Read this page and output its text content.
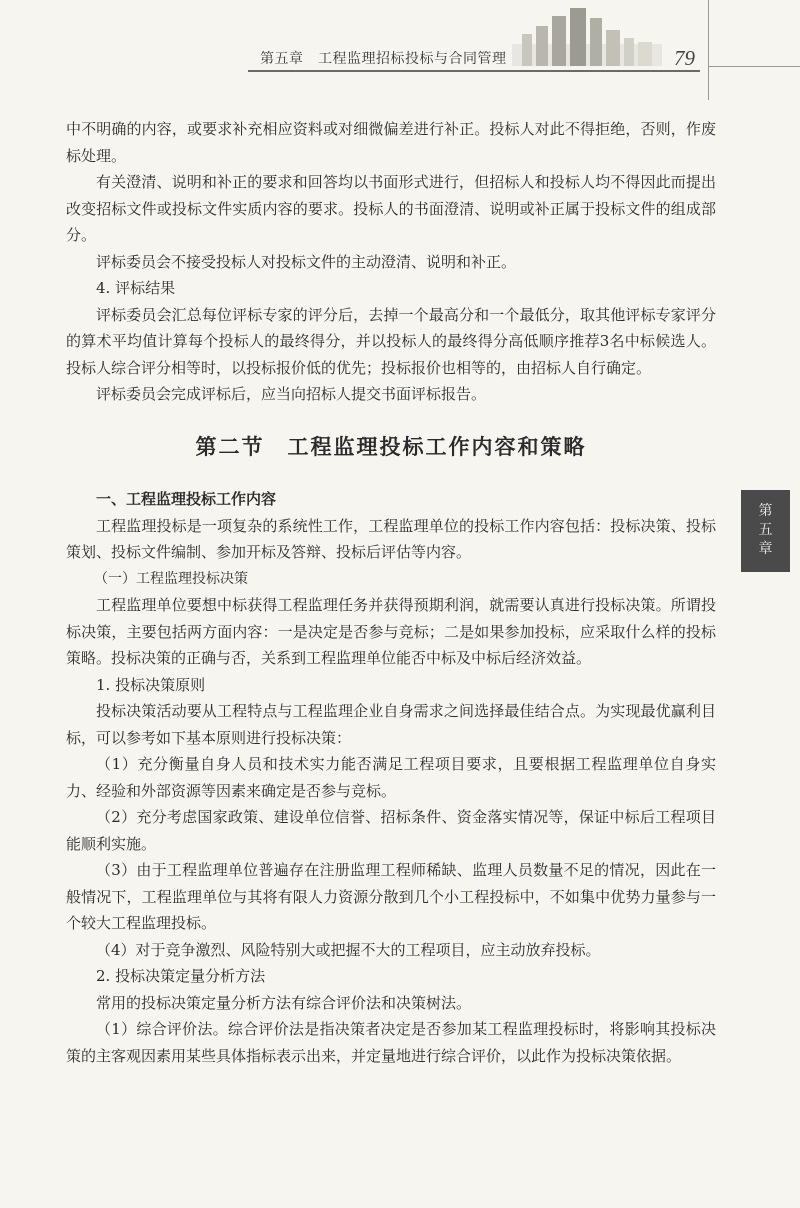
第五章　工程监理招标投标与合同管理	79
第
五
章

中不明确的内容，或要求补充相应资料或对细微偏差进行补正。投标人对此不得拒绝，否则，作废标处理。

有关澄清、说明和补正的要求和回答均以书面形式进行，但招标人和投标人均不得因此而提出改变招标文件或投标文件实质内容的要求。投标人的书面澄清、说明或补正属于投标文件的组成部分。

评标委员会不接受投标人对投标文件的主动澄清、说明和补正。

4. 评标结果

评标委员会汇总每位评标专家的评分后，去掉一个最高分和一个最低分，取其他评标专家评分的算术平均值计算每个投标人的最终得分，并以投标人的最终得分高低顺序推荐3名中标候选人。投标人综合评分相等时，以投标报价低的优先；投标报价也相等的，由招标人自行确定。

评标委员会完成评标后，应当向招标人提交书面评标报告。

第二节　工程监理投标工作内容和策略

一、工程监理投标工作内容

工程监理投标是一项复杂的系统性工作，工程监理单位的投标工作内容包括：投标决策、投标策划、投标文件编制、参加开标及答辩、投标后评估等内容。

（一）工程监理投标决策

工程监理单位要想中标获得工程监理任务并获得预期利润，就需要认真进行投标决策。所谓投标决策，主要包括两方面内容：一是决定是否参与竞标；二是如果参加投标，应采取什么样的投标策略。投标决策的正确与否，关系到工程监理单位能否中标及中标后经济效益。

1. 投标决策原则

投标决策活动要从工程特点与工程监理企业自身需求之间选择最佳结合点。为实现最优赢利目标，可以参考如下基本原则进行投标决策：

（1）充分衡量自身人员和技术实力能否满足工程项目要求，且要根据工程监理单位自身实力、经验和外部资源等因素来确定是否参与竞标。

（2）充分考虑国家政策、建设单位信誉、招标条件、资金落实情况等，保证中标后工程项目能顺利实施。

（3）由于工程监理单位普遍存在注册监理工程师稀缺、监理人员数量不足的情况，因此在一般情况下，工程监理单位与其将有限人力资源分散到几个小工程投标中，不如集中优势力量参与一个较大工程监理投标。

（4）对于竞争激烈、风险特别大或把握不大的工程项目，应主动放弃投标。

2. 投标决策定量分析方法

常用的投标决策定量分析方法有综合评价法和决策树法。

（1）综合评价法。综合评价法是指决策者决定是否参加某工程监理投标时，将影响其投标决策的主客观因素用某些具体指标表示出来，并定量地进行综合评价，以此作为投标决策依据。
